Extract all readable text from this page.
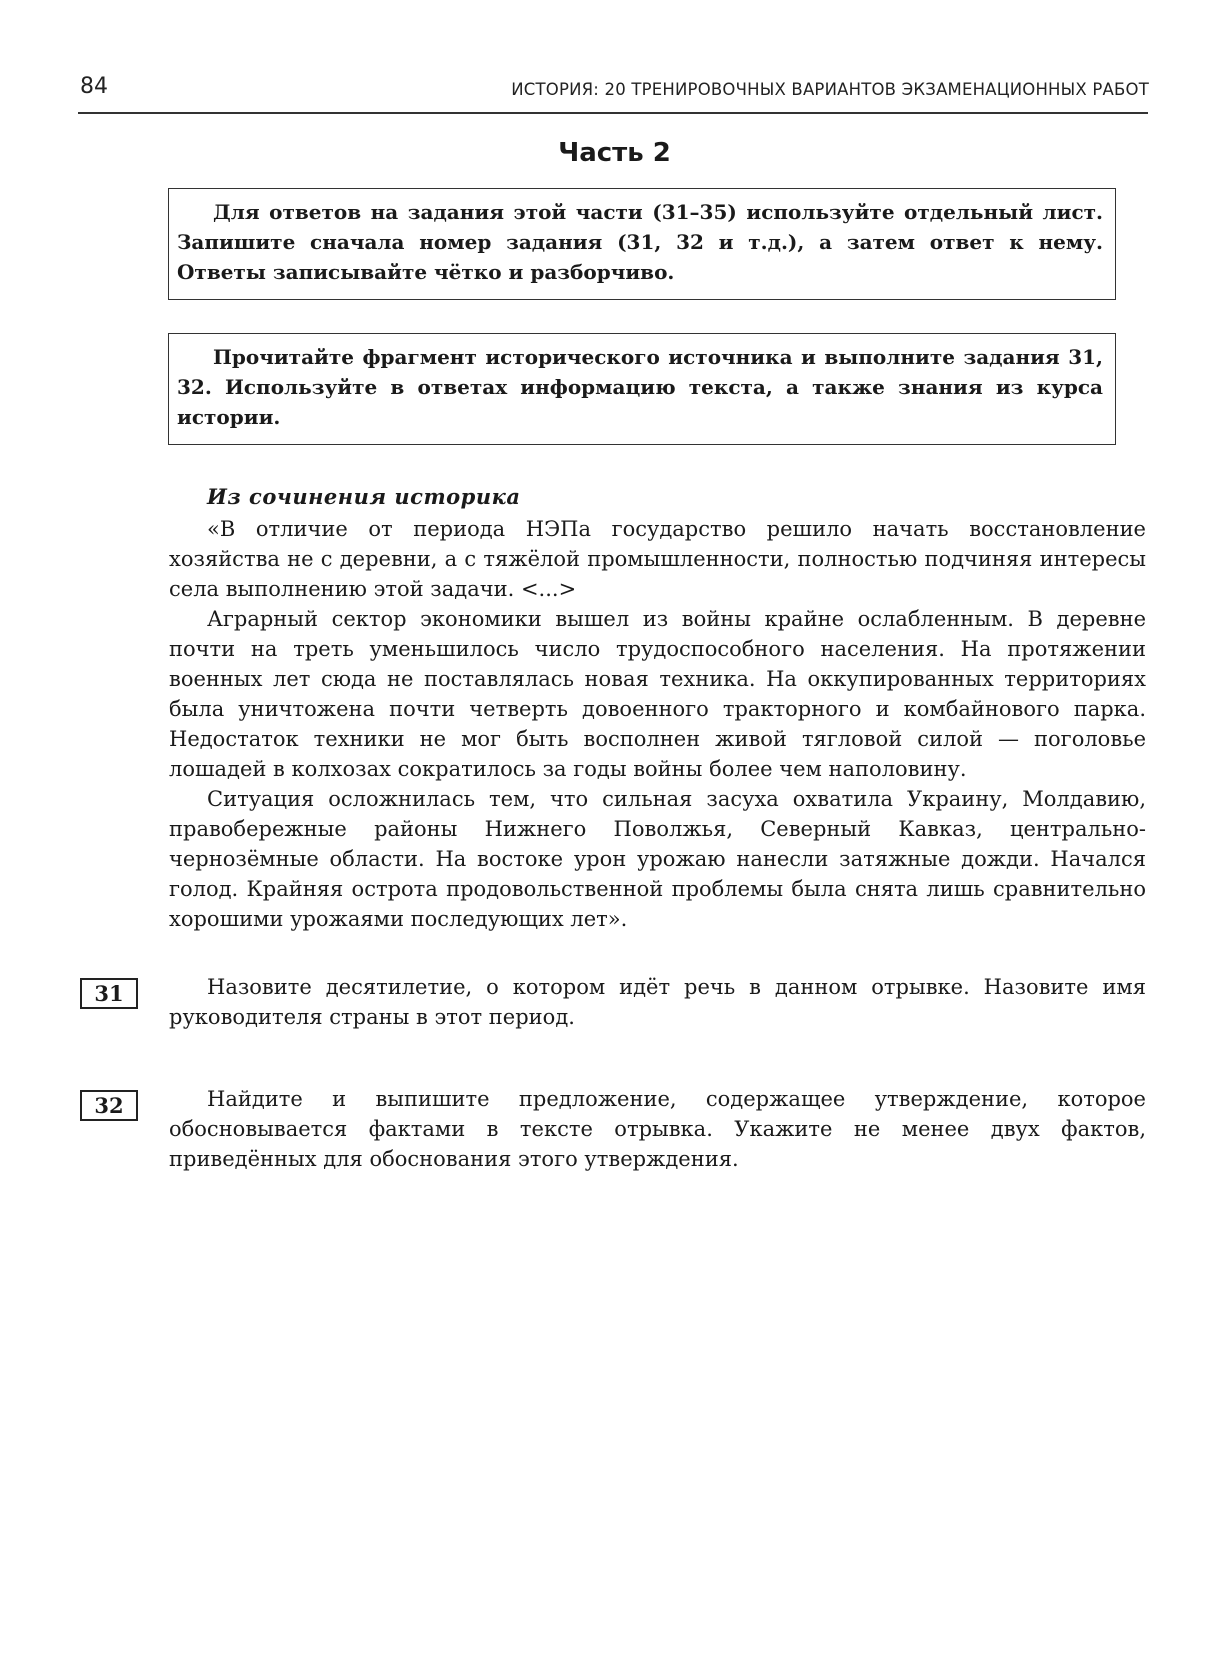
84	ИСТОРИЯ: 20 ТРЕНИРОВОЧНЫХ ВАРИАНТОВ ЭКЗАМЕНАЦИОННЫХ РАБОТ
Часть 2
Для ответов на задания этой части (31–35) используйте отдельный лист. Запишите сначала номер задания (31, 32 и т.д.), а затем ответ к нему. Ответы записывайте чётко и разборчиво.
Прочитайте фрагмент исторического источника и выполните задания 31, 32. Используйте в ответах информацию текста, а также знания из курса истории.
Из сочинения историка

«В отличие от периода НЭПа государство решило начать восстановление хозяйства не с деревни, а с тяжёлой промышленности, полностью подчиняя интересы села выполнению этой задачи. <...>

Аграрный сектор экономики вышел из войны крайне ослабленным. В деревне почти на треть уменьшилось число трудоспособного населения. На протяжении военных лет сюда не поставлялась новая техника. На оккупированных территориях была уничтожена почти четверть довоенного тракторного и комбайнового парка. Недостаток техники не мог быть восполнен живой тягловой силой — поголовье лошадей в колхозах сократилось за годы войны более чем наполовину.

Ситуация осложнилась тем, что сильная засуха охватила Украину, Молдавию, правобережные районы Нижнего Поволжья, Северный Кавказ, центрально-чернозёмные области. На востоке урон урожаю нанесли затяжные дожди. Начался голод. Крайняя острота продовольственной проблемы была снята лишь сравнительно хорошими урожаями последующих лет».

31	Назовите десятилетие, о котором идёт речь в данном отрывке. Назовите имя руководителя страны в этот период.

32	Найдите и выпишите предложение, содержащее утверждение, которое обосновывается фактами в тексте отрывка. Укажите не менее двух фактов, приведённых для обоснования этого утверждения.
